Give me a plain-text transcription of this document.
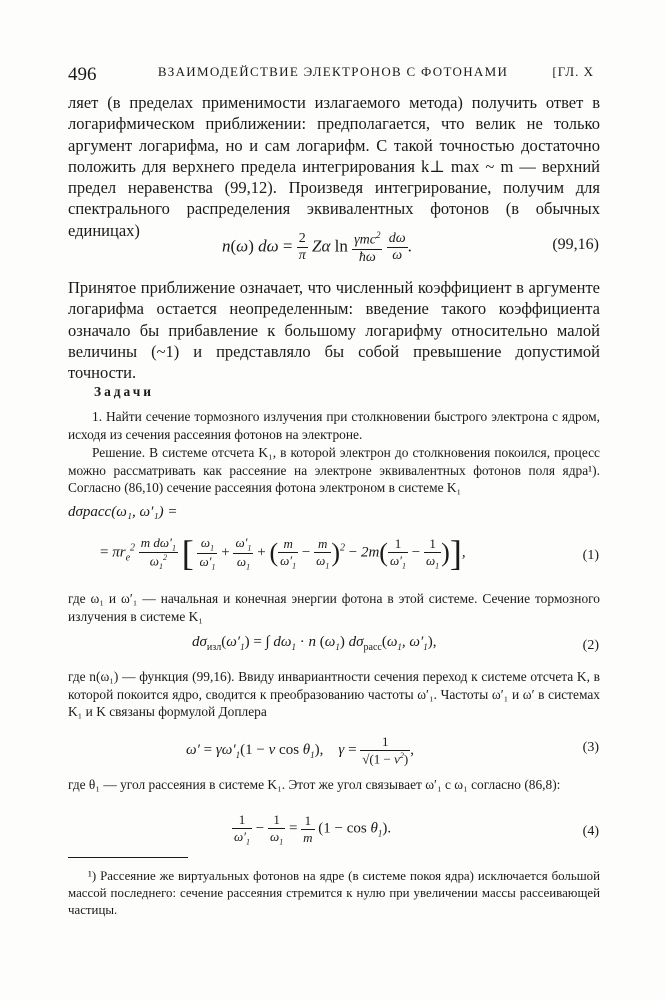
496	ВЗАИМОДЕЙСТВИЕ ЭЛЕКТРОНОВ С ФОТОНАМИ	[ГЛ. X

ляет (в пределах применимости излагаемого метода) получить ответ в логарифмическом приближении: предполагается, что велик не только аргумент логарифма, но и сам логарифм. С такой точностью достаточно положить для верхнего предела интегрирования k⊥ max ~ m — верхний предел неравенства (99,12). Произведя интегрирование, получим для спектрального распределения эквивалентных фотонов (в обычных единицах)

n(ω) $d\omega = \frac{2}{\pi}$ Zα $\ln \frac{\gamma mc^2}{ħ\omega}$
$\frac{d\omega}{\omega}$ .	(99,16)

Принятое приближение означает, что численный коэффициент в аргументе логарифма остается неопределенным: введение такого коэффициента означало бы прибавление к большому логарифму относительно малой величины (~1) и представляло бы собой превышение допустимой точности.

Задачи

1. Найти сечение тормозного излучения при столкновении быстрого электрона с ядром, исходя из сечения рассеяния фотонов на электроне.

Решение. В системе отсчета K₁, в которой электрон до столкновения покоился, процесс можно рассматривать как рассеяние на электроне эквивалентных фотонов поля ядра¹). Согласно (86,10) сечение рассеяния фотона электроном в системе K₁

dσрасс(ω₁, ω′₁) =
= $\pi r_e^2 \frac{m d\omega'_1}{\omega_1^2}$ [ $\frac{\omega_1}{\omega'_1} + \frac{\omega'_1}{\omega_1}$ + ( $\frac{m}{\omega'_1} - \frac{m}{\omega_1} )^2 - 2m( \frac{1}{\omega'_1} - \frac{1}{\omega_1}$ )],	(1)

где ω₁ и ω′₁ — начальная и конечная энергии фотона в этой системе. Сечение тормозного излучения в системе K₁

$d\sigma_{изл}(\omega'_1)$ = ∫ $d\omega_1 \cdot n$ $(\omega_1)$ $d\sigma_{расс}(\omega_1$, $\omega'_1$),	(2)

где n(ω₁) — функция (99,16). Ввиду инвариантности сечения переход к системе отсчета K, в которой покоится ядро, сводится к преобразованию частоты ω′₁. Частоты ω′₁ и ω′ в системах K₁ и K связаны формулой Доплера

$\omega' = \gamma\omega'_1(1 - v$ $\cos \theta_1$),    $\gamma = \frac{1}{√(1 - v^2)}$ ,	(3)

где θ₁ — угол рассеяния в системе K₁. Этот же угол связывает ω′₁ с ω₁ согласно (86,8):

$\frac{1}{\omega'_1} - \frac{1}{\omega_1} = \frac{1}{m} (1 - \cos \theta_1)$.	(4)

¹) Рассеяние же виртуальных фотонов на ядре (в системе покоя ядра) исключается большой массой последнего: сечение рассеяния стремится к нулю при увеличении массы рассеивающей частицы.
